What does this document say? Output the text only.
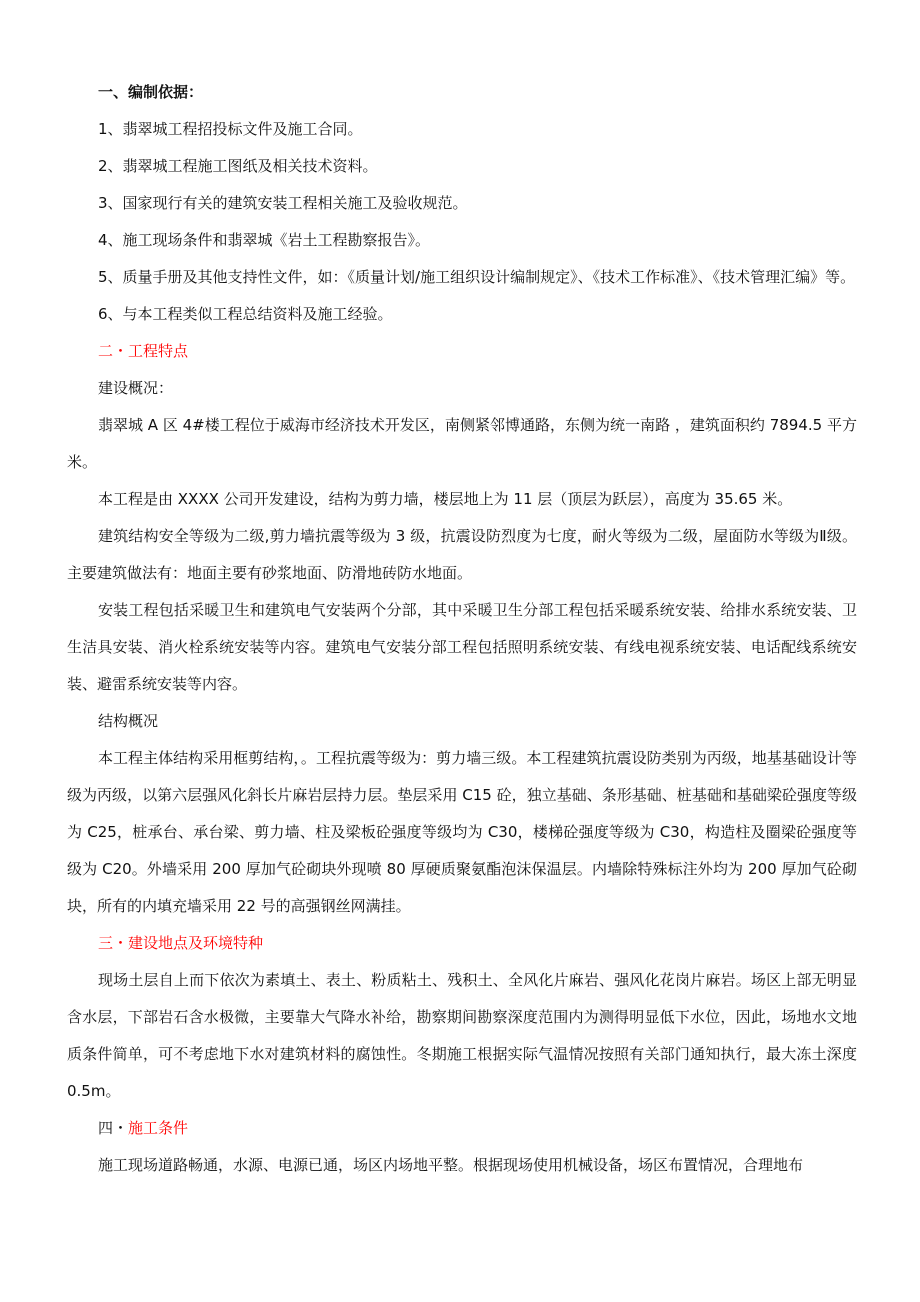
一、编制依据：

1、翡翠城工程招投标文件及施工合同。

2、翡翠城工程施工图纸及相关技术资料。

3、国家现行有关的建筑安装工程相关施工及验收规范。

4、施工现场条件和翡翠城《岩土工程勘察报告》。

5、质量手册及其他支持性文件，如：《质量计划/施工组织设计编制规定》、《技术工作标准》、《技术管理汇编》等。

6、与本工程类似工程总结资料及施工经验。

二・工程特点

建设概况：

翡翠城 A 区 4#楼工程位于威海市经济技术开发区，南侧紧邻博通路，东侧为统一南路 ，建筑面积约 7894.5 平方米。

本工程是由 XXXX 公司开发建设，结构为剪力墙，楼层地上为 11 层（顶层为跃层），高度为 35.65 米。

建筑结构安全等级为二级,剪力墙抗震等级为 3 级，抗震设防烈度为七度，耐火等级为二级，屋面防水等级为Ⅱ级。主要建筑做法有：地面主要有砂浆地面、防滑地砖防水地面。

安装工程包括采暖卫生和建筑电气安装两个分部，其中采暖卫生分部工程包括采暖系统安装、给排水系统安装、卫生洁具安装、消火栓系统安装等内容。建筑电气安装分部工程包括照明系统安装、有线电视系统安装、电话配线系统安装、避雷系统安装等内容。

结构概况

本工程主体结构采用框剪结构，。工程抗震等级为：剪力墙三级。本工程建筑抗震设防类别为丙级，地基基础设计等级为丙级，以第六层强风化斜长片麻岩层持力层。垫层采用 C15 砼，独立基础、条形基础、桩基础和基础梁砼强度等级为 C25，桩承台、承台梁、剪力墙、柱及梁板砼强度等级均为 C30，楼梯砼强度等级为 C30，构造柱及圈梁砼强度等级为 C20。外墙采用 200 厚加气砼砌块外现喷 80 厚硬质聚氨酯泡沫保温层。内墙除特殊标注外均为 200 厚加气砼砌块，所有的内填充墙采用 22 号的高强钢丝网满挂。

三・建设地点及环境特种

现场土层自上而下依次为素填土、表土、粉质粘土、残积土、全风化片麻岩、强风化花岗片麻岩。场区上部无明显含水层，下部岩石含水极微，主要靠大气降水补给，勘察期间勘察深度范围内为测得明显低下水位，因此，场地水文地质条件简单，可不考虑地下水对建筑材料的腐蚀性。冬期施工根据实际气温情况按照有关部门通知执行，最大冻土深度 0.5m。

四・施工条件

施工现场道路畅通，水源、电源已通，场区内场地平整。根据现场使用机械设备，场区布置情况，合理地布
